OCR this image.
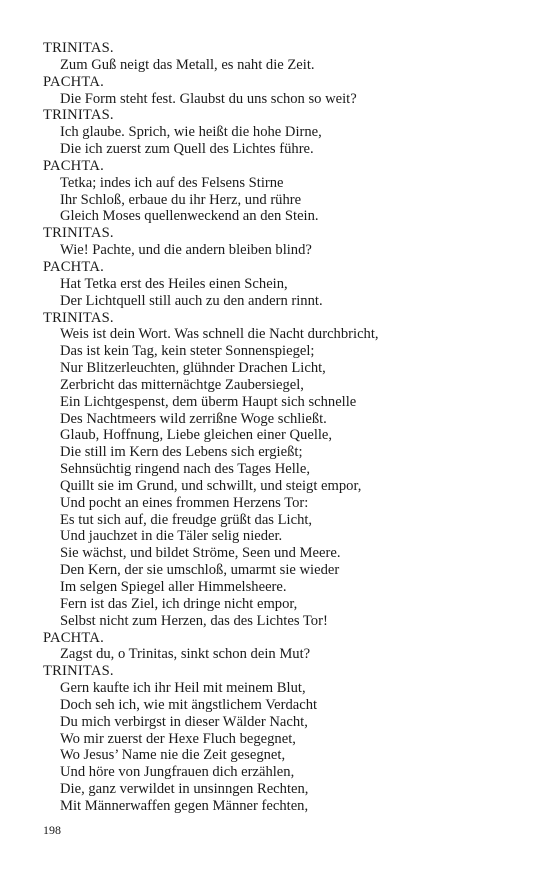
TRINITAS.
Zum Guß neigt das Metall, es naht die Zeit.
PACHTA.
Die Form steht fest. Glaubst du uns schon so weit?
TRINITAS.
Ich glaube. Sprich, wie heißt die hohe Dirne,
Die ich zuerst zum Quell des Lichtes führe.
PACHTA.
Tetka; indes ich auf des Felsens Stirne
Ihr Schloß, erbaue du ihr Herz, und rühre
Gleich Moses quellenweckend an den Stein.
TRINITAS.
Wie! Pachte, und die andern bleiben blind?
PACHTA.
Hat Tetka erst des Heiles einen Schein,
Der Lichtquell still auch zu den andern rinnt.
TRINITAS.
Weis ist dein Wort. Was schnell die Nacht durchbricht,
Das ist kein Tag, kein steter Sonnenspiegel;
Nur Blitzerleuchten, glühnder Drachen Licht,
Zerbricht das mitternächtge Zaubersiegel,
Ein Lichtgespenst, dem überm Haupt sich schnelle
Des Nachtmeers wild zerrißne Woge schließt.
Glaub, Hoffnung, Liebe gleichen einer Quelle,
Die still im Kern des Lebens sich ergießt;
Sehnsüchtig ringend nach des Tages Helle,
Quillt sie im Grund, und schwillt, und steigt empor,
Und pocht an eines frommen Herzens Tor:
Es tut sich auf, die freudge grüßt das Licht,
Und jauchzet in die Täler selig nieder.
Sie wächst, und bildet Ströme, Seen und Meere.
Den Kern, der sie umschloß, umarmt sie wieder
Im selgen Spiegel aller Himmelsheere.
Fern ist das Ziel, ich dringe nicht empor,
Selbst nicht zum Herzen, das des Lichtes Tor!
PACHTA.
Zagst du, o Trinitas, sinkt schon dein Mut?
TRINITAS.
Gern kaufte ich ihr Heil mit meinem Blut,
Doch seh ich, wie mit ängstlichem Verdacht
Du mich verbirgst in dieser Wälder Nacht,
Wo mir zuerst der Hexe Fluch begegnet,
Wo Jesus’ Name nie die Zeit gesegnet,
Und höre von Jungfrauen dich erzählen,
Die, ganz verwildet in unsinngen Rechten,
Mit Männerwaffen gegen Männer fechten,
198
